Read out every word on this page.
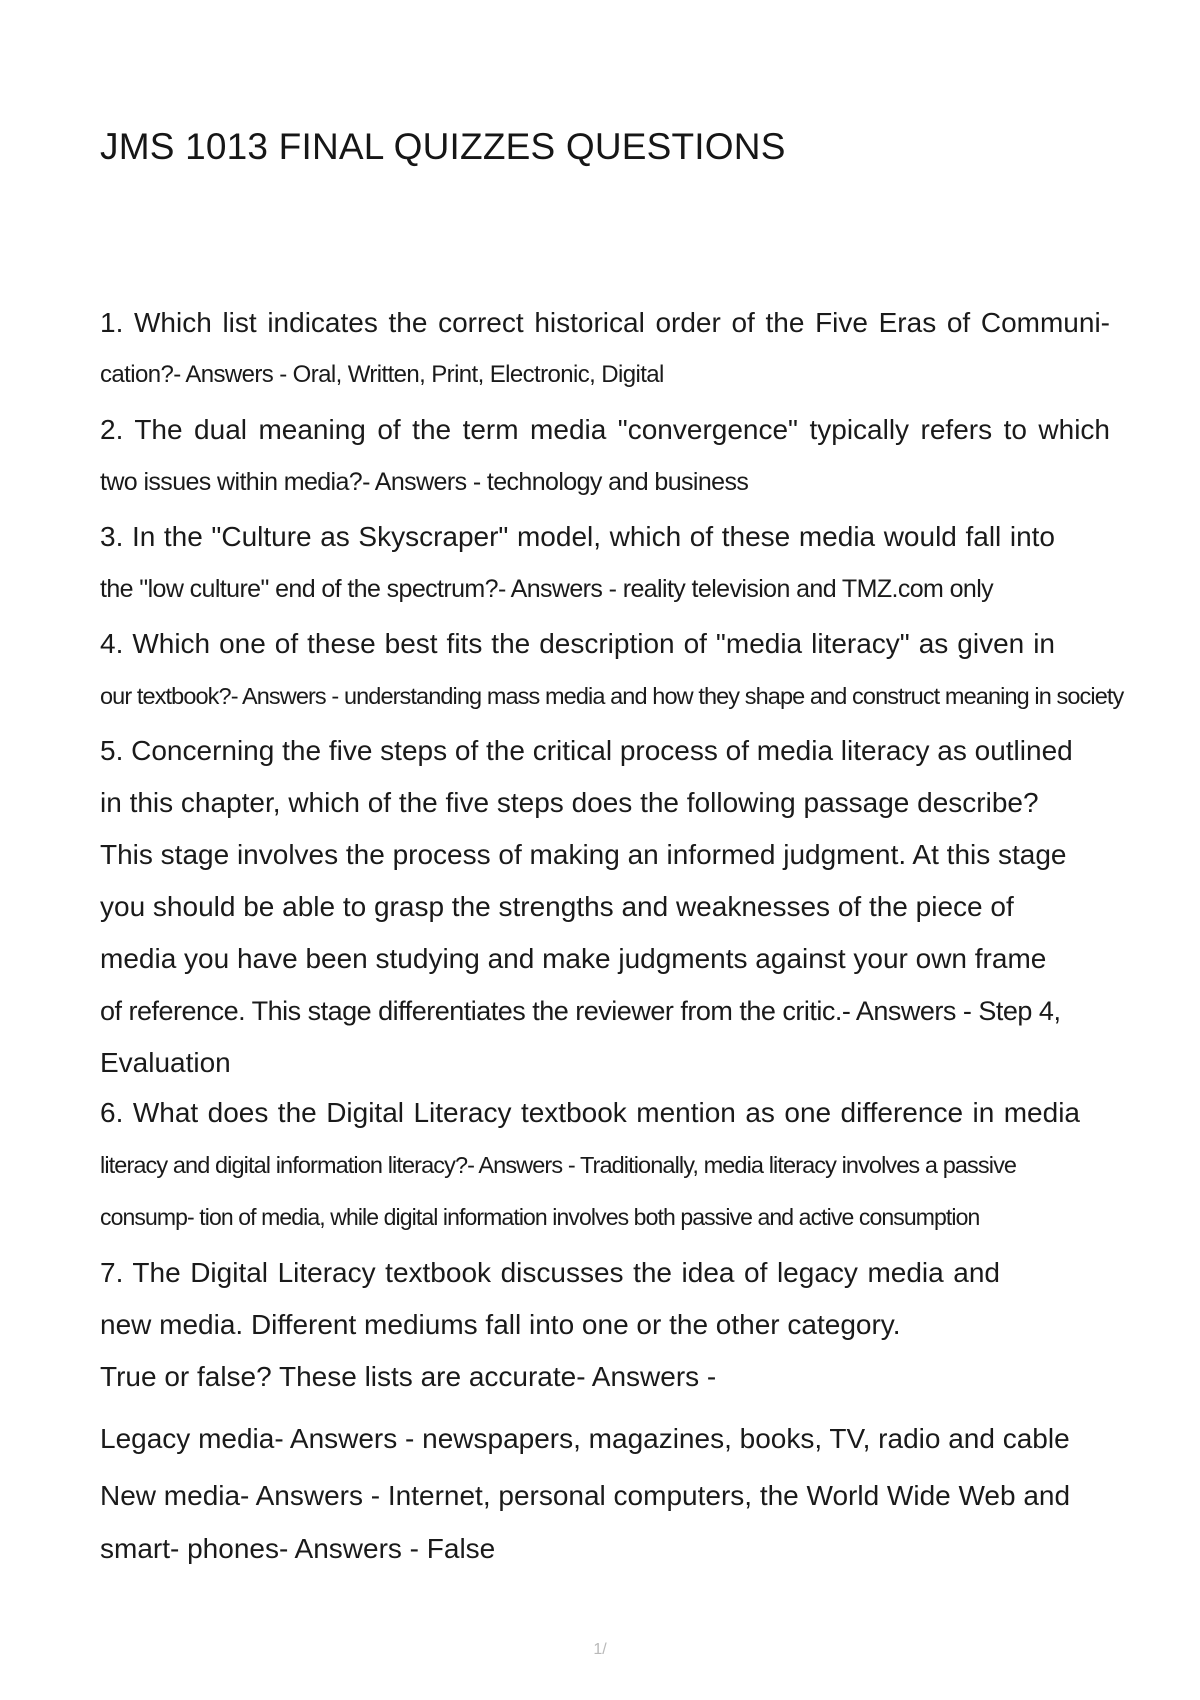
JMS 1013 FINAL QUIZZES QUESTIONS
1. Which list indicates the correct historical order of the Five Eras of Communi-
cation?- Answers - Oral, Written, Print, Electronic, Digital
2. The dual meaning of the term media "convergence" typically refers to which
two issues within media?- Answers - technology and business
3. In the "Culture as Skyscraper" model, which of these media would fall into
the "low culture" end of the spectrum?- Answers - reality television and TMZ.com only
4. Which one of these best fits the description of "media literacy" as given in
our textbook?- Answers - understanding mass media and how they shape and construct meaning in society
5. Concerning the five steps of the critical process of media literacy as outlined
in this chapter, which of the five steps does the following passage describe?
This stage involves the process of making an informed judgment. At this stage
you should be able to grasp the strengths and weaknesses of the piece of
media you have been studying and make judgments against your own frame
of reference. This stage differentiates the reviewer from the critic.- Answers - Step 4,
Evaluation
6. What does the Digital Literacy textbook mention as one difference in media
literacy and digital information literacy?- Answers - Traditionally, media literacy involves a passive
consump- tion of media, while digital information involves both passive and active consumption
7. The Digital Literacy textbook discusses the idea of legacy media and
new media. Different mediums fall into one or the other category.
True or false? These lists are accurate- Answers -
Legacy media- Answers - newspapers, magazines, books, TV, radio and cable
New media- Answers - Internet, personal computers, the World Wide Web and
smart- phones- Answers - False
1/
